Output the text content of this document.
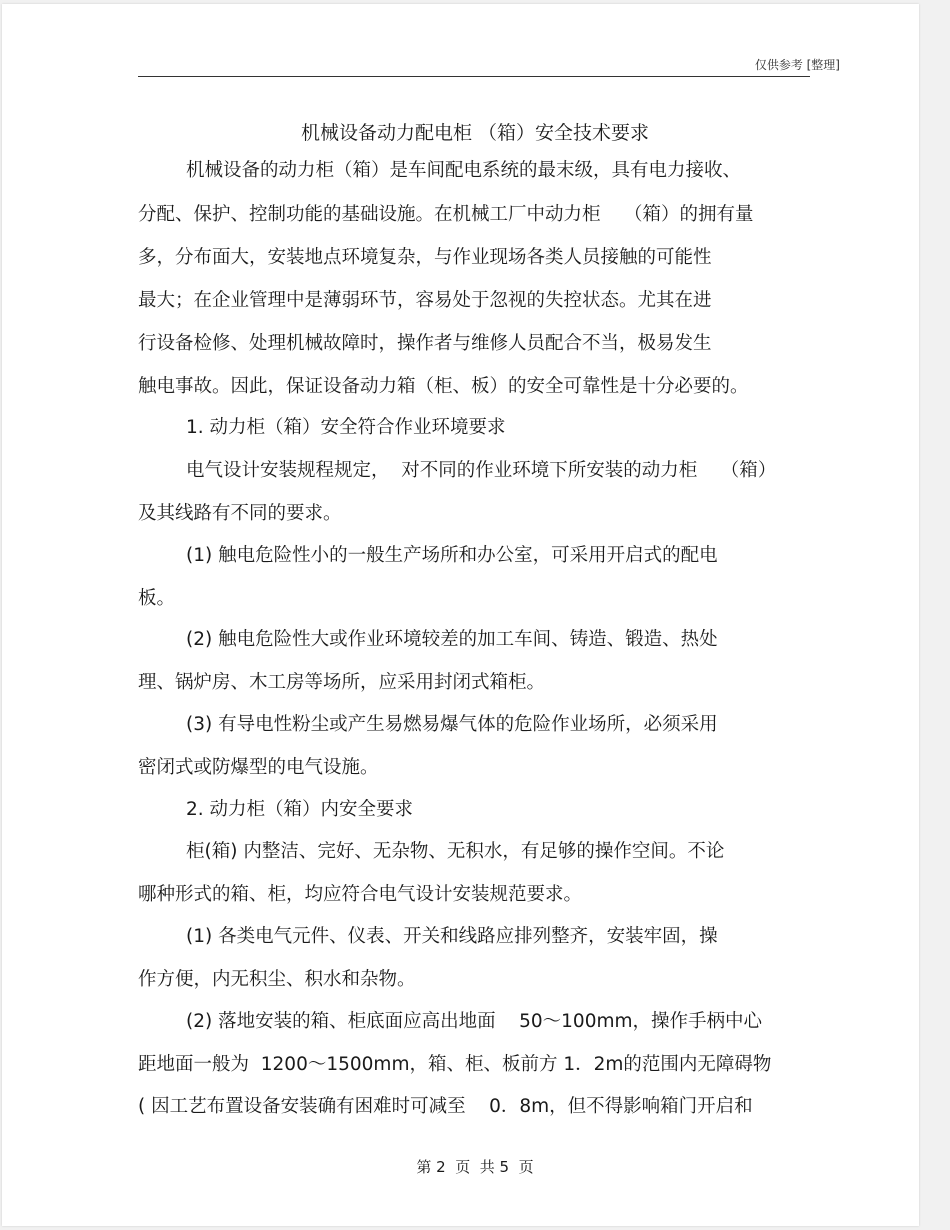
仅供参考 [整理]
机械设备动力配电柜 （箱）安全技术要求
机械设备的动力柜（箱）是车间配电系统的最末级，具有电力接收、
分配、保护、控制功能的基础设施。在机械工厂中动力柜    （箱）的拥有量
多，分布面大，安装地点环境复杂，与作业现场各类人员接触的可能性
最大；在企业管理中是薄弱环节，容易处于忽视的失控状态。尤其在进
行设备检修、处理机械故障时，操作者与维修人员配合不当，极易发生
触电事故。因此，保证设备动力箱（柜、板）的安全可靠性是十分必要的。
1. 动力柜（箱）安全符合作业环境要求
电气设计安装规程规定，  对不同的作业环境下所安装的动力柜    （箱）
及其线路有不同的要求。
(1) 触电危险性小的一般生产场所和办公室，可采用开启式的配电
板。
(2) 触电危险性大或作业环境较差的加工车间、铸造、锻造、热处
理、锅炉房、木工房等场所，应采用封闭式箱柜。
(3) 有导电性粉尘或产生易燃易爆气体的危险作业场所，必须采用
密闭式或防爆型的电气设施。
2. 动力柜（箱）内安全要求
柜(箱) 内整洁、完好、无杂物、无积水，有足够的操作空间。不论
哪种形式的箱、柜，均应符合电气设计安装规范要求。
(1) 各类电气元件、仪表、开关和线路应排列整齐，安装牢固，操
作方便，内无积尘、积水和杂物。
(2) 落地安装的箱、柜底面应高出地面    50～100mm，操作手柄中心
距地面一般为  1200～1500mm，箱、柜、板前方 1．2m的范围内无障碍物
( 因工艺布置设备安装确有困难时可减至    0．8m，但不得影响箱门开启和
第 2  页  共 5  页
